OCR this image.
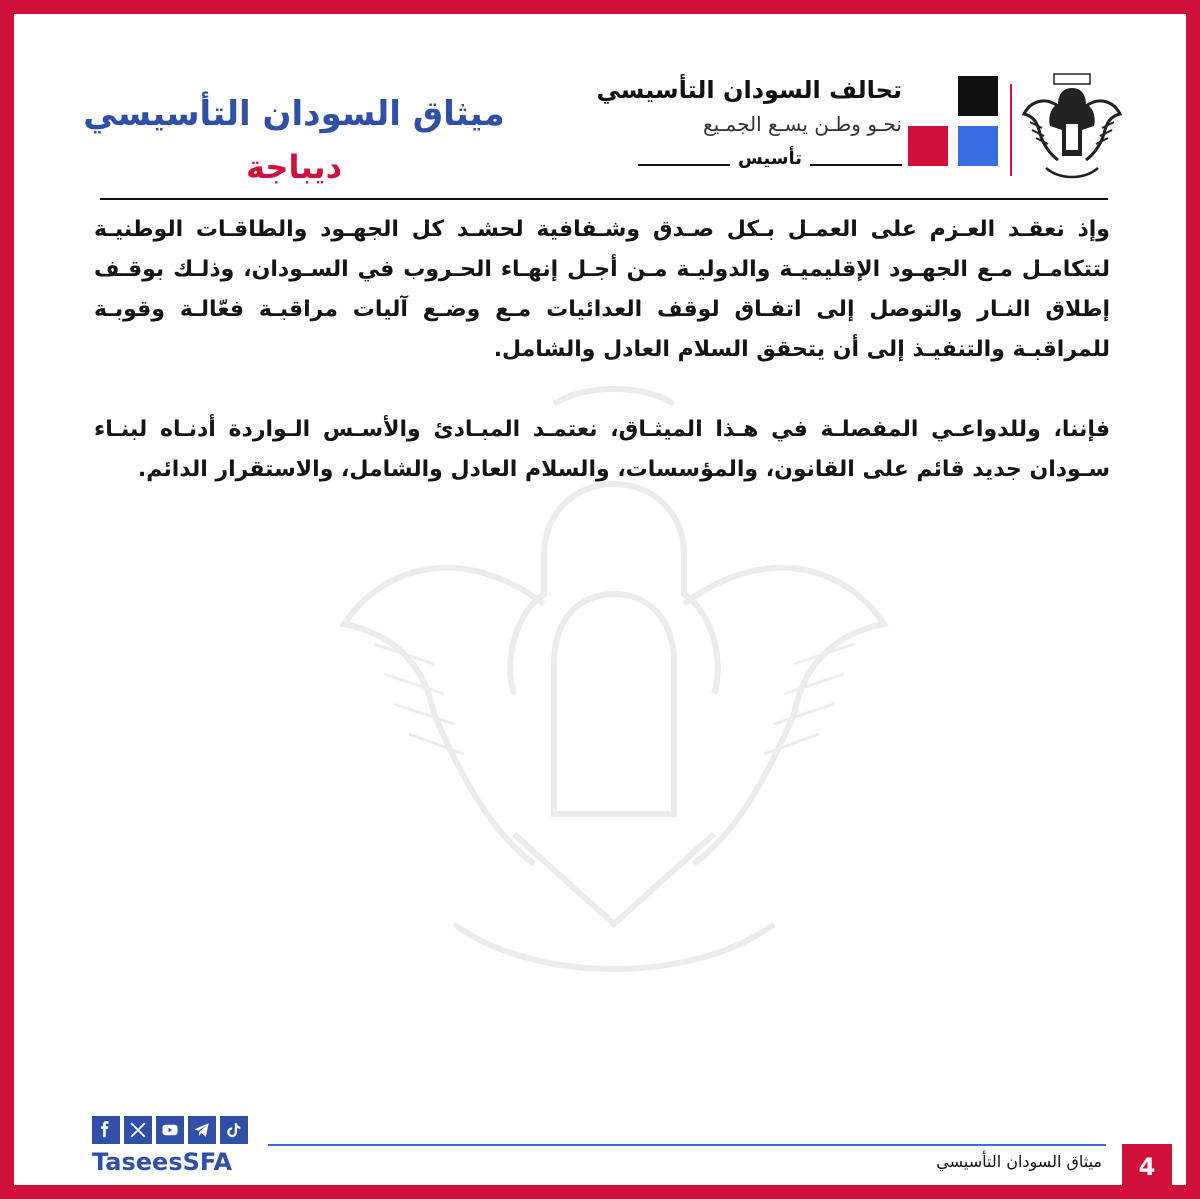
تحالف السودان التأسيسي
نحـو وطـن يسـع الجمـيع
تأسيس
ميثاق السودان التأسيسي
ديباجة

وإذ نعقـد العـزم على العمـل بـكل صـدق وشـفافية لحشـد كل الجهـود والطاقـات الوطنيـة لتتكامـل مـع الجهـود الإقليميـة والدوليـة مـن أجـل إنهـاء الحـروب في السـودان، وذلـك بوقـف إطلاق النـار والتوصل إلى اتفـاق لوقف العدائيات مـع وضـع آليات مراقبـة فعّالـة وقوبـة للمراقبـة والتنفيـذ إلى أن يتحقق السلام العادل والشامل.

فإننا، وللدواعـي المفصلـة في هـذا الميثـاق، نعتمـد المبـادئ والأسـس الـواردة أدنـاه لبنـاء سـودان جديد قائم على القانون، والمؤسسات، والسلام العادل والشامل، والاستقرار الدائم.

TaseesSFA	ميثاق السودان التأسيسي	4
